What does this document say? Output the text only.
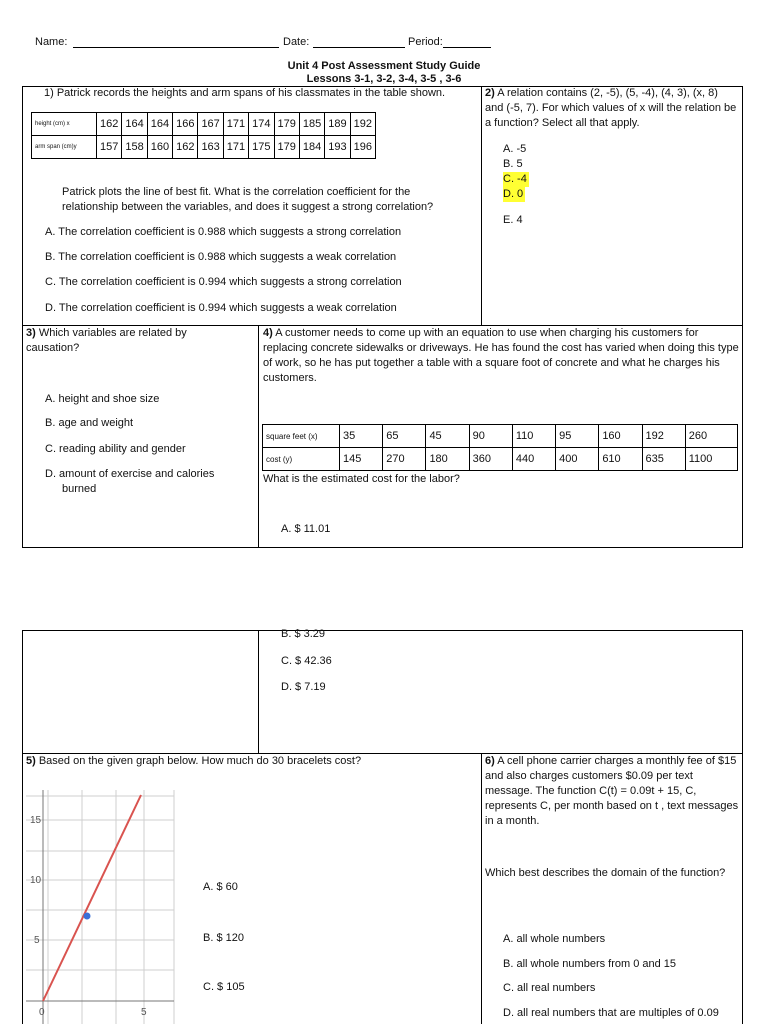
Name:	Date:	Period:
Unit 4 Post Assessment Study Guide
Lessons 3-1, 3-2, 3-4, 3-5 , 3-6
1) Patrick records the heights and arm spans of his classmates in the table shown.
height (cm) x	162	164	164	166	167	171	174	179	185	189	192
arm span (cm)y	157	158	160	162	163	171	175	179	184	193	196
Patrick plots the line of best fit. What is the correlation coefficient for the relationship between the variables, and does it suggest a strong correlation?
A. The correlation coefficient is 0.988 which suggests a strong correlation
B. The correlation coefficient is 0.988 which suggests a weak correlation
C. The correlation coefficient is 0.994 which suggests a strong correlation
D. The correlation coefficient is 0.994 which suggests a weak correlation
2) A relation contains (2, -5), (5, -4), (4, 3), (x, 8) and (-5, 7). For which values of x will the relation be a function? Select all that apply.
A. -5
B. 5
C. -4
D. 0
E. 4
3) Which variables are related by causation?
A. height and shoe size
B. age and weight
C. reading ability and gender
D. amount of exercise and calories
burned
4) A customer needs to come up with an equation to use when charging his customers for replacing concrete sidewalks or driveways. He has found the cost has varied when doing this type of work, so he has put together a table with a square foot of concrete and what he charges his customers.
square feet (x)	35	65	45	90	110	95	160	192	260
cost (y)	145	270	180	360	440	400	610	635	1100
What is the estimated cost for the labor?
A. $ 11.01
B. $ 3.29
C. $ 42.36
D. $ 7.19
5) Based on the given graph below. How much do 30 bracelets cost?
15
10
5
0	5
A. $ 60
B. $ 120
C. $ 105
6) A cell phone carrier charges a monthly fee of $15 and also charges customers $0.09 per text message. The function C(t) = 0.09t + 15, C, represents C, per month based on t , text messages in a month.
Which best describes the domain of the function?
A. all whole numbers
B. all whole numbers from 0 and 15
C. all real numbers
D. all real numbers that are multiples of 0.09
